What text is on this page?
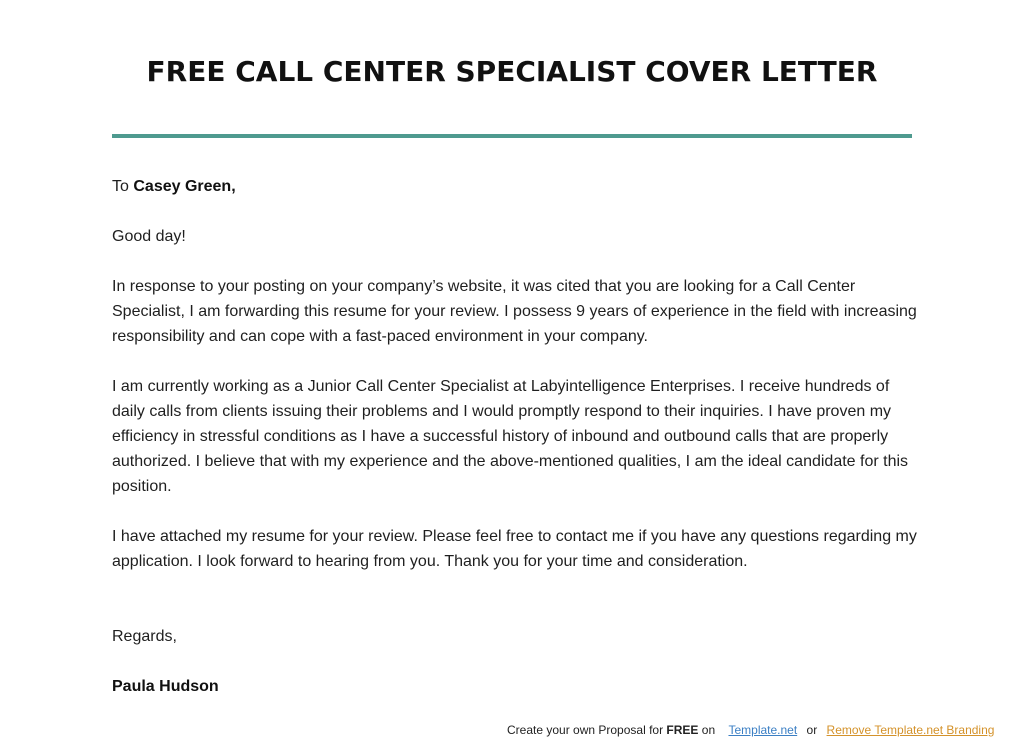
FREE CALL CENTER SPECIALIST COVER LETTER

To Casey Green,

Good day!

In response to your posting on your company’s website, it was cited that you are looking for a Call Center Specialist, I am forwarding this resume for your review. I possess 9 years of experience in the field with increasing responsibility and can cope with a fast-paced environment in your company.

I am currently working as a Junior Call Center Specialist at Labyintelligence Enterprises. I receive hundreds of daily calls from clients issuing their problems and I would promptly respond to their inquiries. I have proven my efficiency in stressful conditions as I have a successful history of inbound and outbound calls that are properly authorized. I believe that with my experience and the above-mentioned qualities, I am the ideal candidate for this position.

I have attached my resume for your review. Please feel free to contact me if you have any questions regarding my application. I look forward to hearing from you. Thank you for your time and consideration.

Regards,

Paula Hudson

Create your own Proposal for FREE on Template.net or Remove Template.net Branding
